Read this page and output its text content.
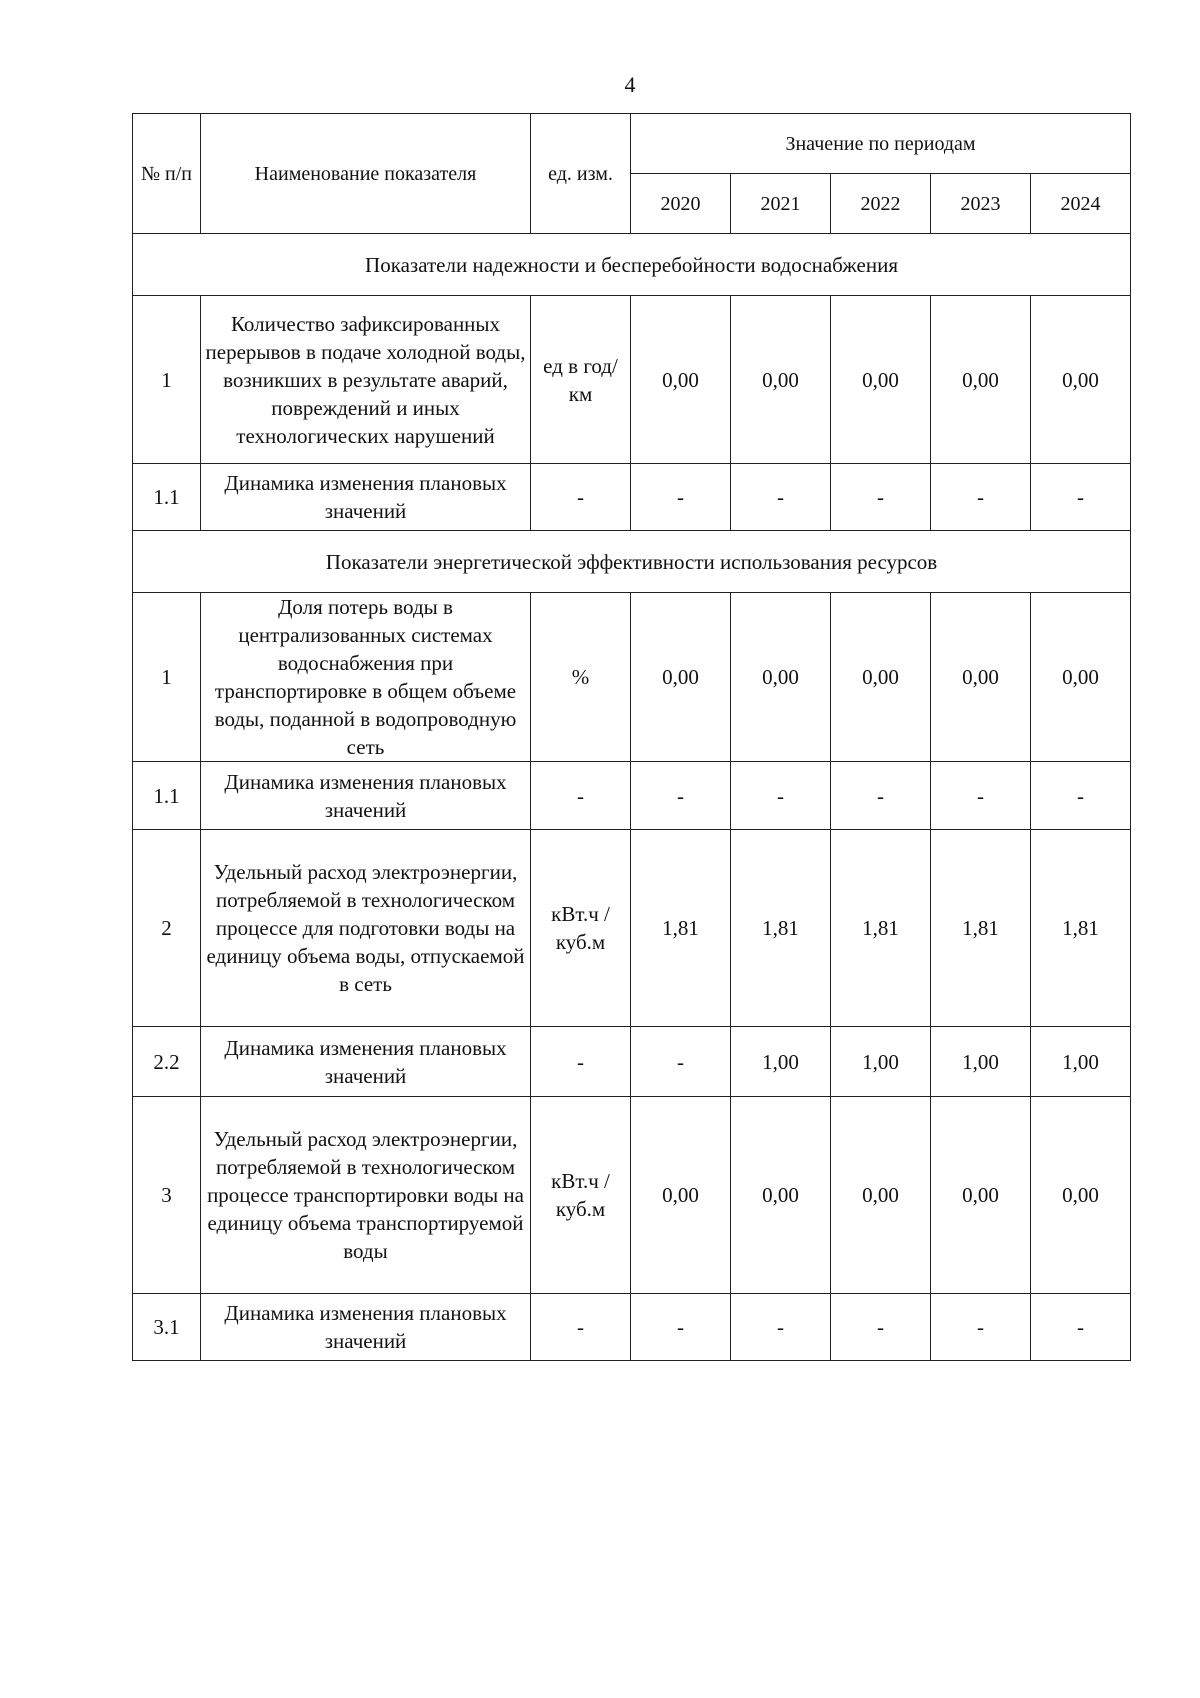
4
№ п/п	Наименование показателя	ед. изм.	Значение по периодам				
			2020	2021	2022	2023	2024
Показатели надежности и бесперебойности водоснабжения							
1	Количество зафиксированных перерывов в подаче холодной воды, возникших в результате аварий, повреждений и иных технологических нарушений	ед в год/ км	0,00	0,00	0,00	0,00	0,00
1.1	Динамика изменения плановых значений	-	-	-	-	-	-
Показатели энергетической эффективности использования ресурсов							
1	Доля потерь воды в централизованных системах водоснабжения при транспортировке в общем объеме воды, поданной в водопроводную сеть	%	0,00	0,00	0,00	0,00	0,00
1.1	Динамика изменения плановых значений	-	-	-	-	-	-
2	Удельный расход электроэнергии, потребляемой в технологическом процессе для подготовки воды на единицу объема воды, отпускаемой в сеть	кВт.ч / куб.м	1,81	1,81	1,81	1,81	1,81
2.2	Динамика изменения плановых значений	-	-	1,00	1,00	1,00	1,00
3	Удельный расход электроэнергии, потребляемой в технологическом процессе транспортировки воды на единицу объема транспортируемой воды	кВт.ч / куб.м	0,00	0,00	0,00	0,00	0,00
3.1	Динамика изменения плановых значений	-	-	-	-	-	-
